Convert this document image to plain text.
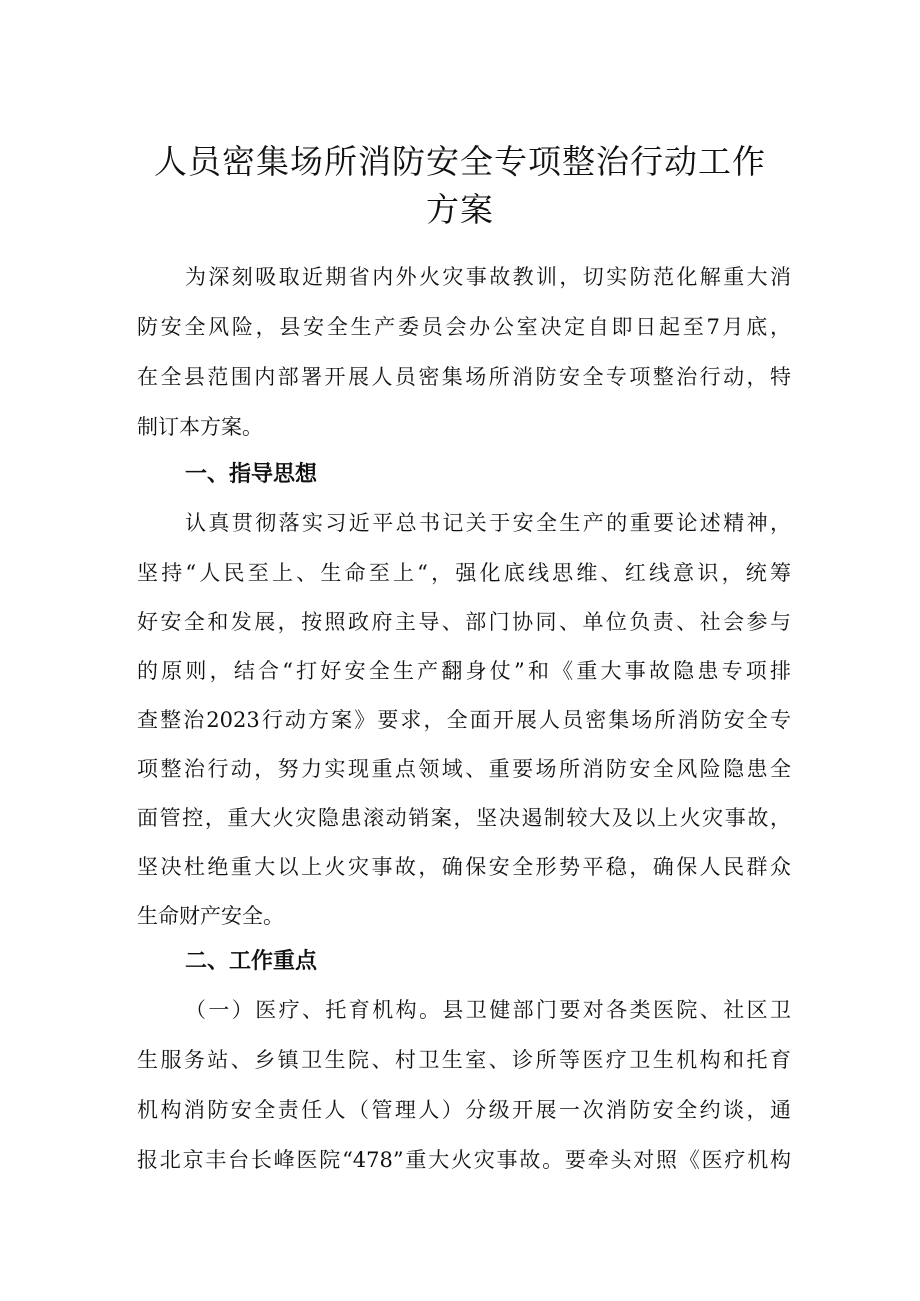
人员密集场所消防安全专项整治行动工作
方案
为深刻吸取近期省内外火灾事故教训，切实防范化解重大消
防安全风险，县安全生产委员会办公室决定自即日起至7月底，
在全县范围内部署开展人员密集场所消防安全专项整治行动，特
制订本方案。
一、指导思想
认真贯彻落实习近平总书记关于安全生产的重要论述精神，
坚持“人民至上、生命至上“，强化底线思维、红线意识，统筹
好安全和发展，按照政府主导、部门协同、单位负责、社会参与
的原则，结合“打好安全生产翻身仗”和《重大事故隐患专项排
查整治2023行动方案》要求，全面开展人员密集场所消防安全专
项整治行动，努力实现重点领域、重要场所消防安全风险隐患全
面管控，重大火灾隐患滚动销案，坚决遏制较大及以上火灾事故，
坚决杜绝重大以上火灾事故，确保安全形势平稳，确保人民群众
生命财产安全。
二、工作重点
（一）医疗、托育机构。县卫健部门要对各类医院、社区卫
生服务站、乡镇卫生院、村卫生室、诊所等医疗卫生机构和托育
机构消防安全责任人（管理人）分级开展一次消防安全约谈，通
报北京丰台长峰医院“478”重大火灾事故。要牵头对照《医疗机构
